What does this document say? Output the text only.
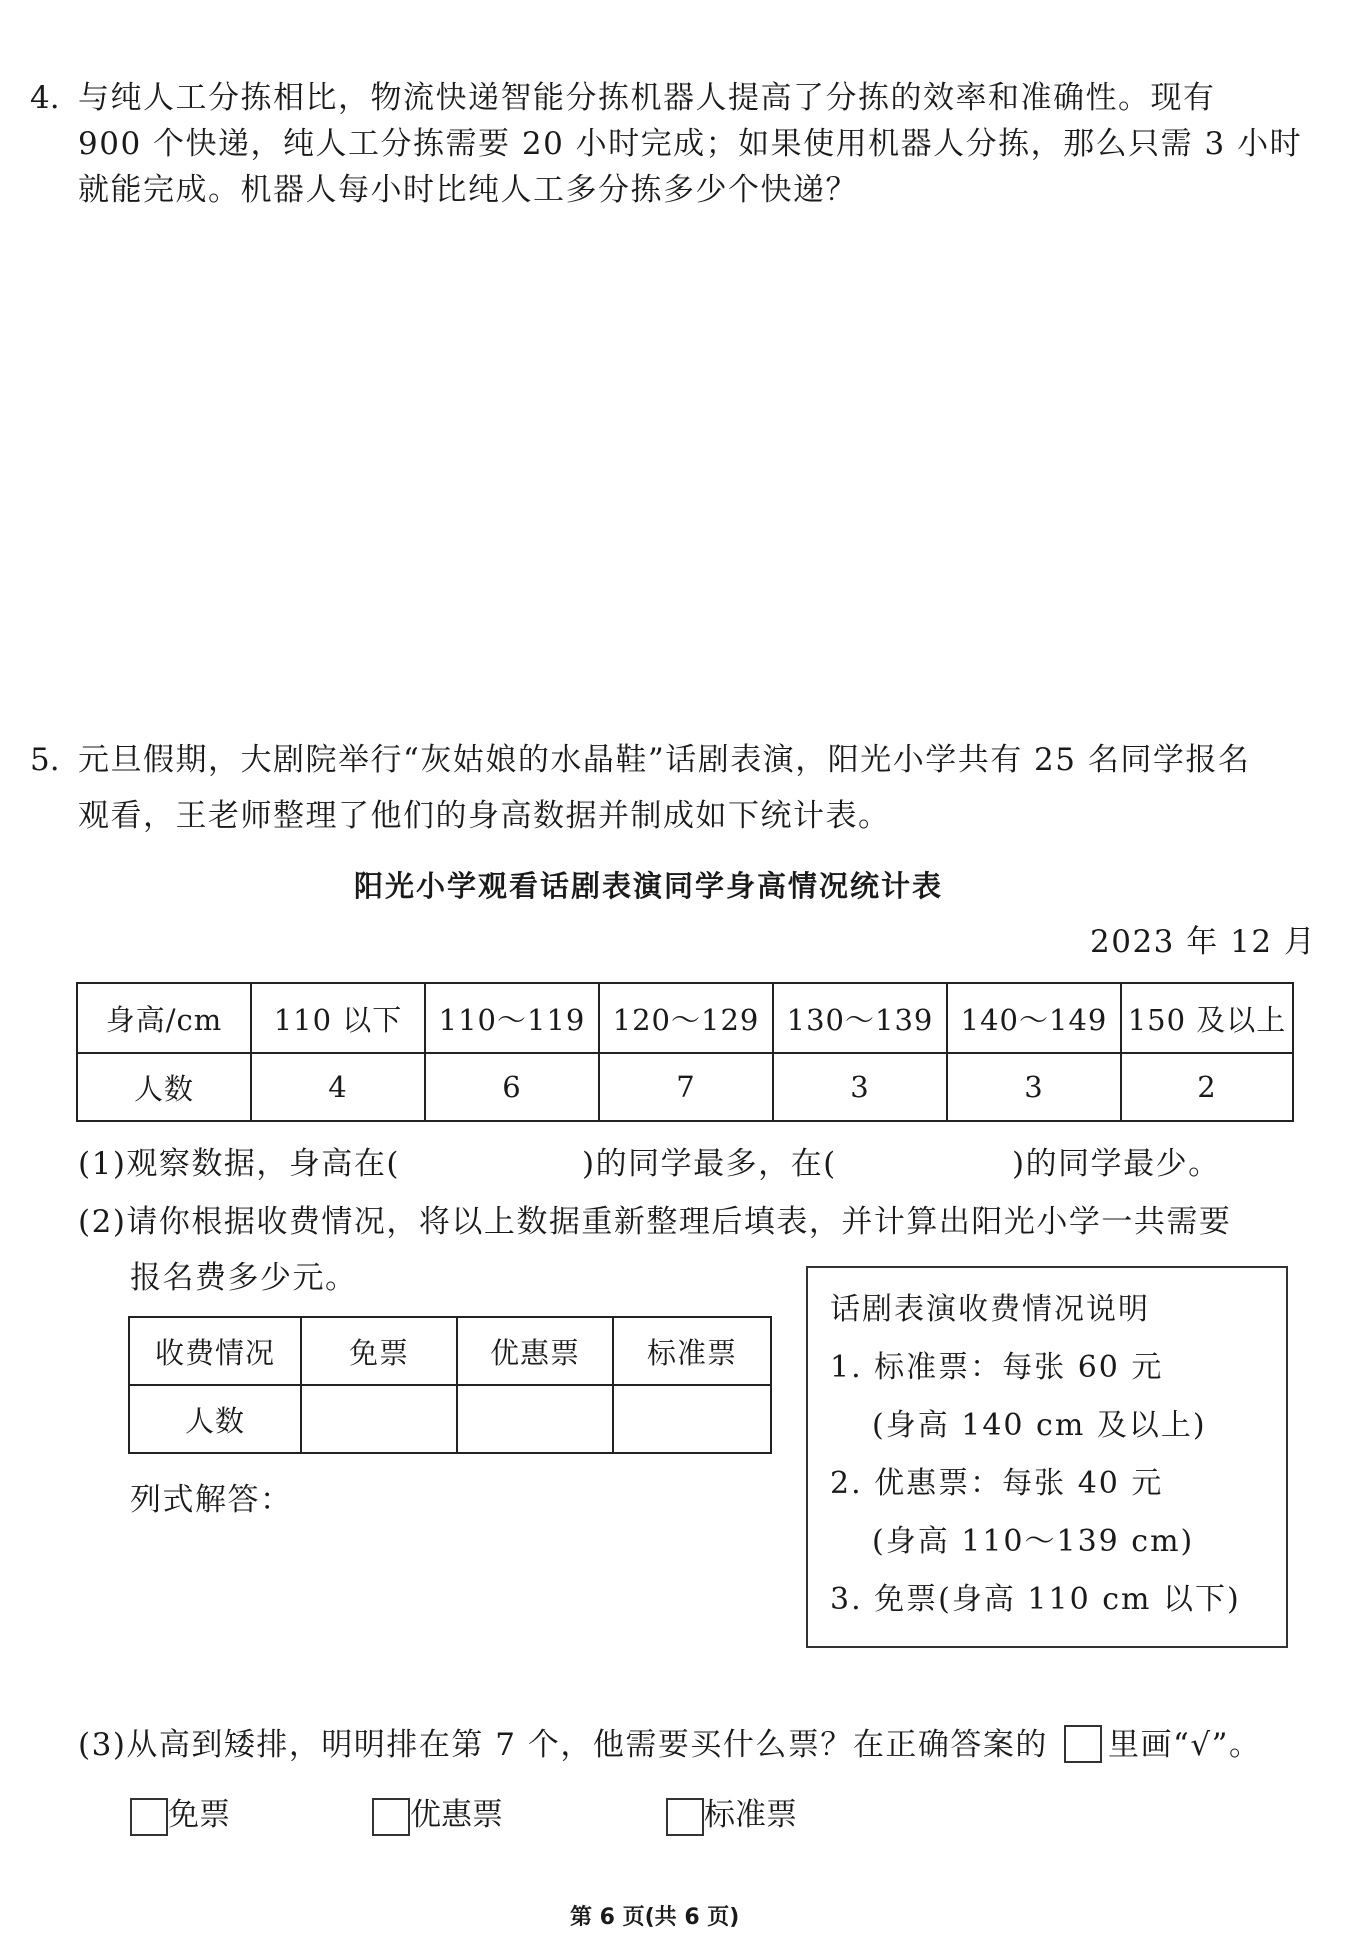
4. 与纯人工分拣相比，物流快递智能分拣机器人提高了分拣的效率和准确性。现有
900 个快递，纯人工分拣需要 20 小时完成；如果使用机器人分拣，那么只需 3 小时
就能完成。机器人每小时比纯人工多分拣多少个快递？
5. 元旦假期，大剧院举行“灰姑娘的水晶鞋”话剧表演，阳光小学共有 25 名同学报名
观看，王老师整理了他们的身高数据并制成如下统计表。
阳光小学观看话剧表演同学身高情况统计表
2023 年 12 月
身高/cm	110 以下	110～119	120～129	130～139	140～149	150 及以上
人数	4	6	7	3	3	2
(1)观察数据，身高在(	)的同学最多，在(	)的同学最少。
(2)请你根据收费情况，将以上数据重新整理后填表，并计算出阳光小学一共需要
报名费多少元。
收费情况	免票	优惠票	标准票
人数			
列式解答：
话剧表演收费情况说明
1. 标准票：每张 60 元
(身高 140 cm 及以上)
2. 优惠票：每张 40 元
(身高 110～139 cm)
3. 免票(身高 110 cm 以下)
(3)从高到矮排，明明排在第 7 个，他需要买什么票？在正确答案的 里画“√”。
免票	优惠票	标准票
第 6 页(共 6 页)
